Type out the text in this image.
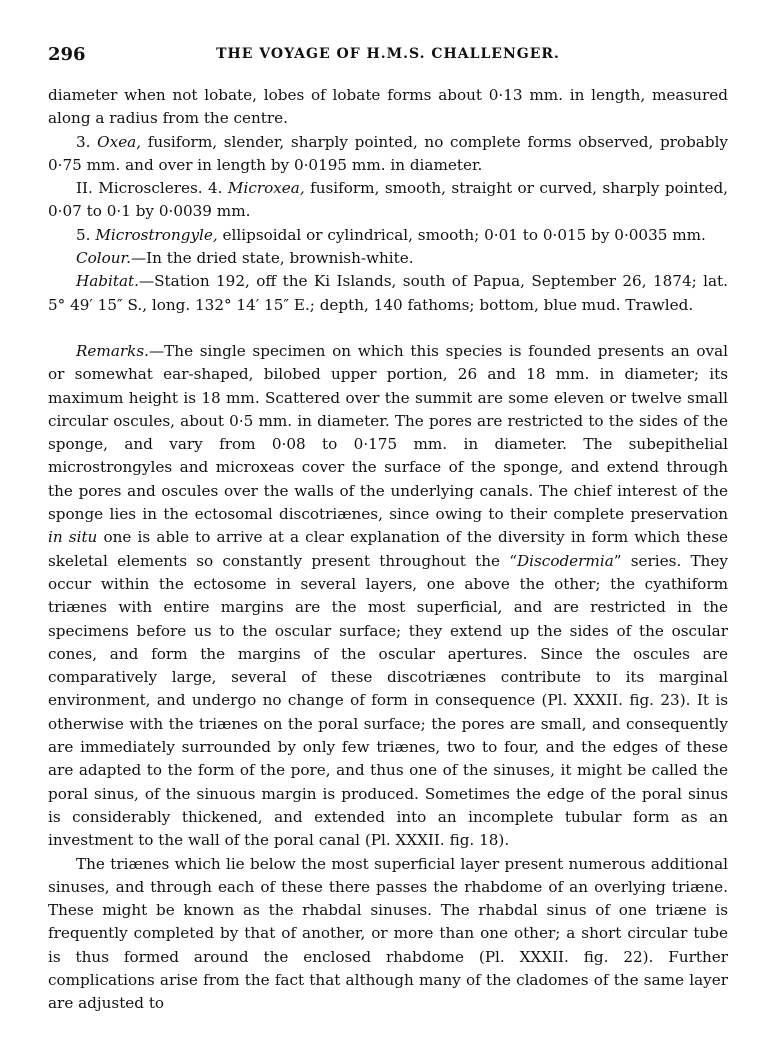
296	THE VOYAGE OF H.M.S. CHALLENGER.

diameter when not lobate, lobes of lobate forms about 0·13 mm. in length, measured along a radius from the centre.

3. Oxea, fusiform, slender, sharply pointed, no complete forms observed, probably 0·75 mm. and over in length by 0·0195 mm. in diameter.

II. Microscleres. 4. Microxea, fusiform, smooth, straight or curved, sharply pointed, 0·07 to 0·1 by 0·0039 mm.

5. Microstrongyle, ellipsoidal or cylindrical, smooth; 0·01 to 0·015 by 0·0035 mm.

Colour.—In the dried state, brownish-white.

Habitat.—Station 192, off the Ki Islands, south of Papua, September 26, 1874; lat. 5° 49′ 15″ S., long. 132° 14′ 15″ E.; depth, 140 fathoms; bottom, blue mud. Trawled.

Remarks.—The single specimen on which this species is founded presents an oval or somewhat ear-shaped, bilobed upper portion, 26 and 18 mm. in diameter; its maximum height is 18 mm. Scattered over the summit are some eleven or twelve small circular oscules, about 0·5 mm. in diameter. The pores are restricted to the sides of the sponge, and vary from 0·08 to 0·175 mm. in diameter. The subepithelial microstrongyles and microxeas cover the surface of the sponge, and extend through the pores and oscules over the walls of the underlying canals. The chief interest of the sponge lies in the ectosomal discotriænes, since owing to their complete preservation in situ one is able to arrive at a clear explanation of the diversity in form which these skeletal elements so constantly present throughout the “Discodermia” series. They occur within the ectosome in several layers, one above the other; the cyathiform triænes with entire margins are the most superficial, and are restricted in the specimens before us to the oscular surface; they extend up the sides of the oscular cones, and form the margins of the oscular apertures. Since the oscules are comparatively large, several of these discotriænes contribute to its marginal environment, and undergo no change of form in consequence (Pl. XXXII. fig. 23). It is otherwise with the triænes on the poral surface; the pores are small, and consequently are immediately surrounded by only few triænes, two to four, and the edges of these are adapted to the form of the pore, and thus one of the sinuses, it might be called the poral sinus, of the sinuous margin is produced. Sometimes the edge of the poral sinus is considerably thickened, and extended into an incomplete tubular form as an investment to the wall of the poral canal (Pl. XXXII. fig. 18).

The triænes which lie below the most superficial layer present numerous additional sinuses, and through each of these there passes the rhabdome of an overlying triæne. These might be known as the rhabdal sinuses. The rhabdal sinus of one triæne is frequently completed by that of another, or more than one other; a short circular tube is thus formed around the enclosed rhabdome (Pl. XXXII. fig. 22). Further complications arise from the fact that although many of the cladomes of the same layer are adjusted to
